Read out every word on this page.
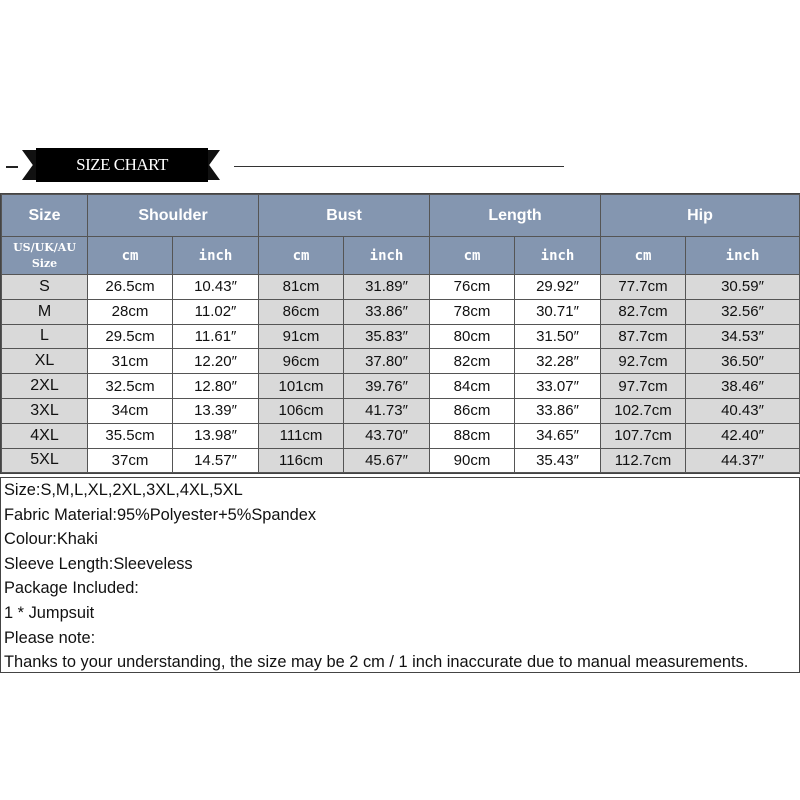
SIZE CHART
Size	Shoulder		Bust		Length		Hip	
US/UK/AU
Size	cm	inch	cm	inch	cm	inch	cm	inch
S	26.5cm	10.43″	81cm	31.89″	76cm	29.92″	77.7cm	30.59″
M	28cm	11.02″	86cm	33.86″	78cm	30.71″	82.7cm	32.56″
L	29.5cm	11.61″	91cm	35.83″	80cm	31.50″	87.7cm	34.53″
XL	31cm	12.20″	96cm	37.80″	82cm	32.28″	92.7cm	36.50″
2XL	32.5cm	12.80″	101cm	39.76″	84cm	33.07″	97.7cm	38.46″
3XL	34cm	13.39″	106cm	41.73″	86cm	33.86″	102.7cm	40.43″
4XL	35.5cm	13.98″	111cm	43.70″	88cm	34.65″	107.7cm	42.40″
5XL	37cm	14.57″	116cm	45.67″	90cm	35.43″	112.7cm	44.37″
Size:S,M,L,XL,2XL,3XL,4XL,5XL
Fabric Material:95%Polyester+5%Spandex
Colour:Khaki
Sleeve Length:Sleeveless
Package Included:
1 * Jumpsuit
Please note:
Thanks to your understanding, the size may be 2 cm / 1 inch inaccurate due to manual measurements.
